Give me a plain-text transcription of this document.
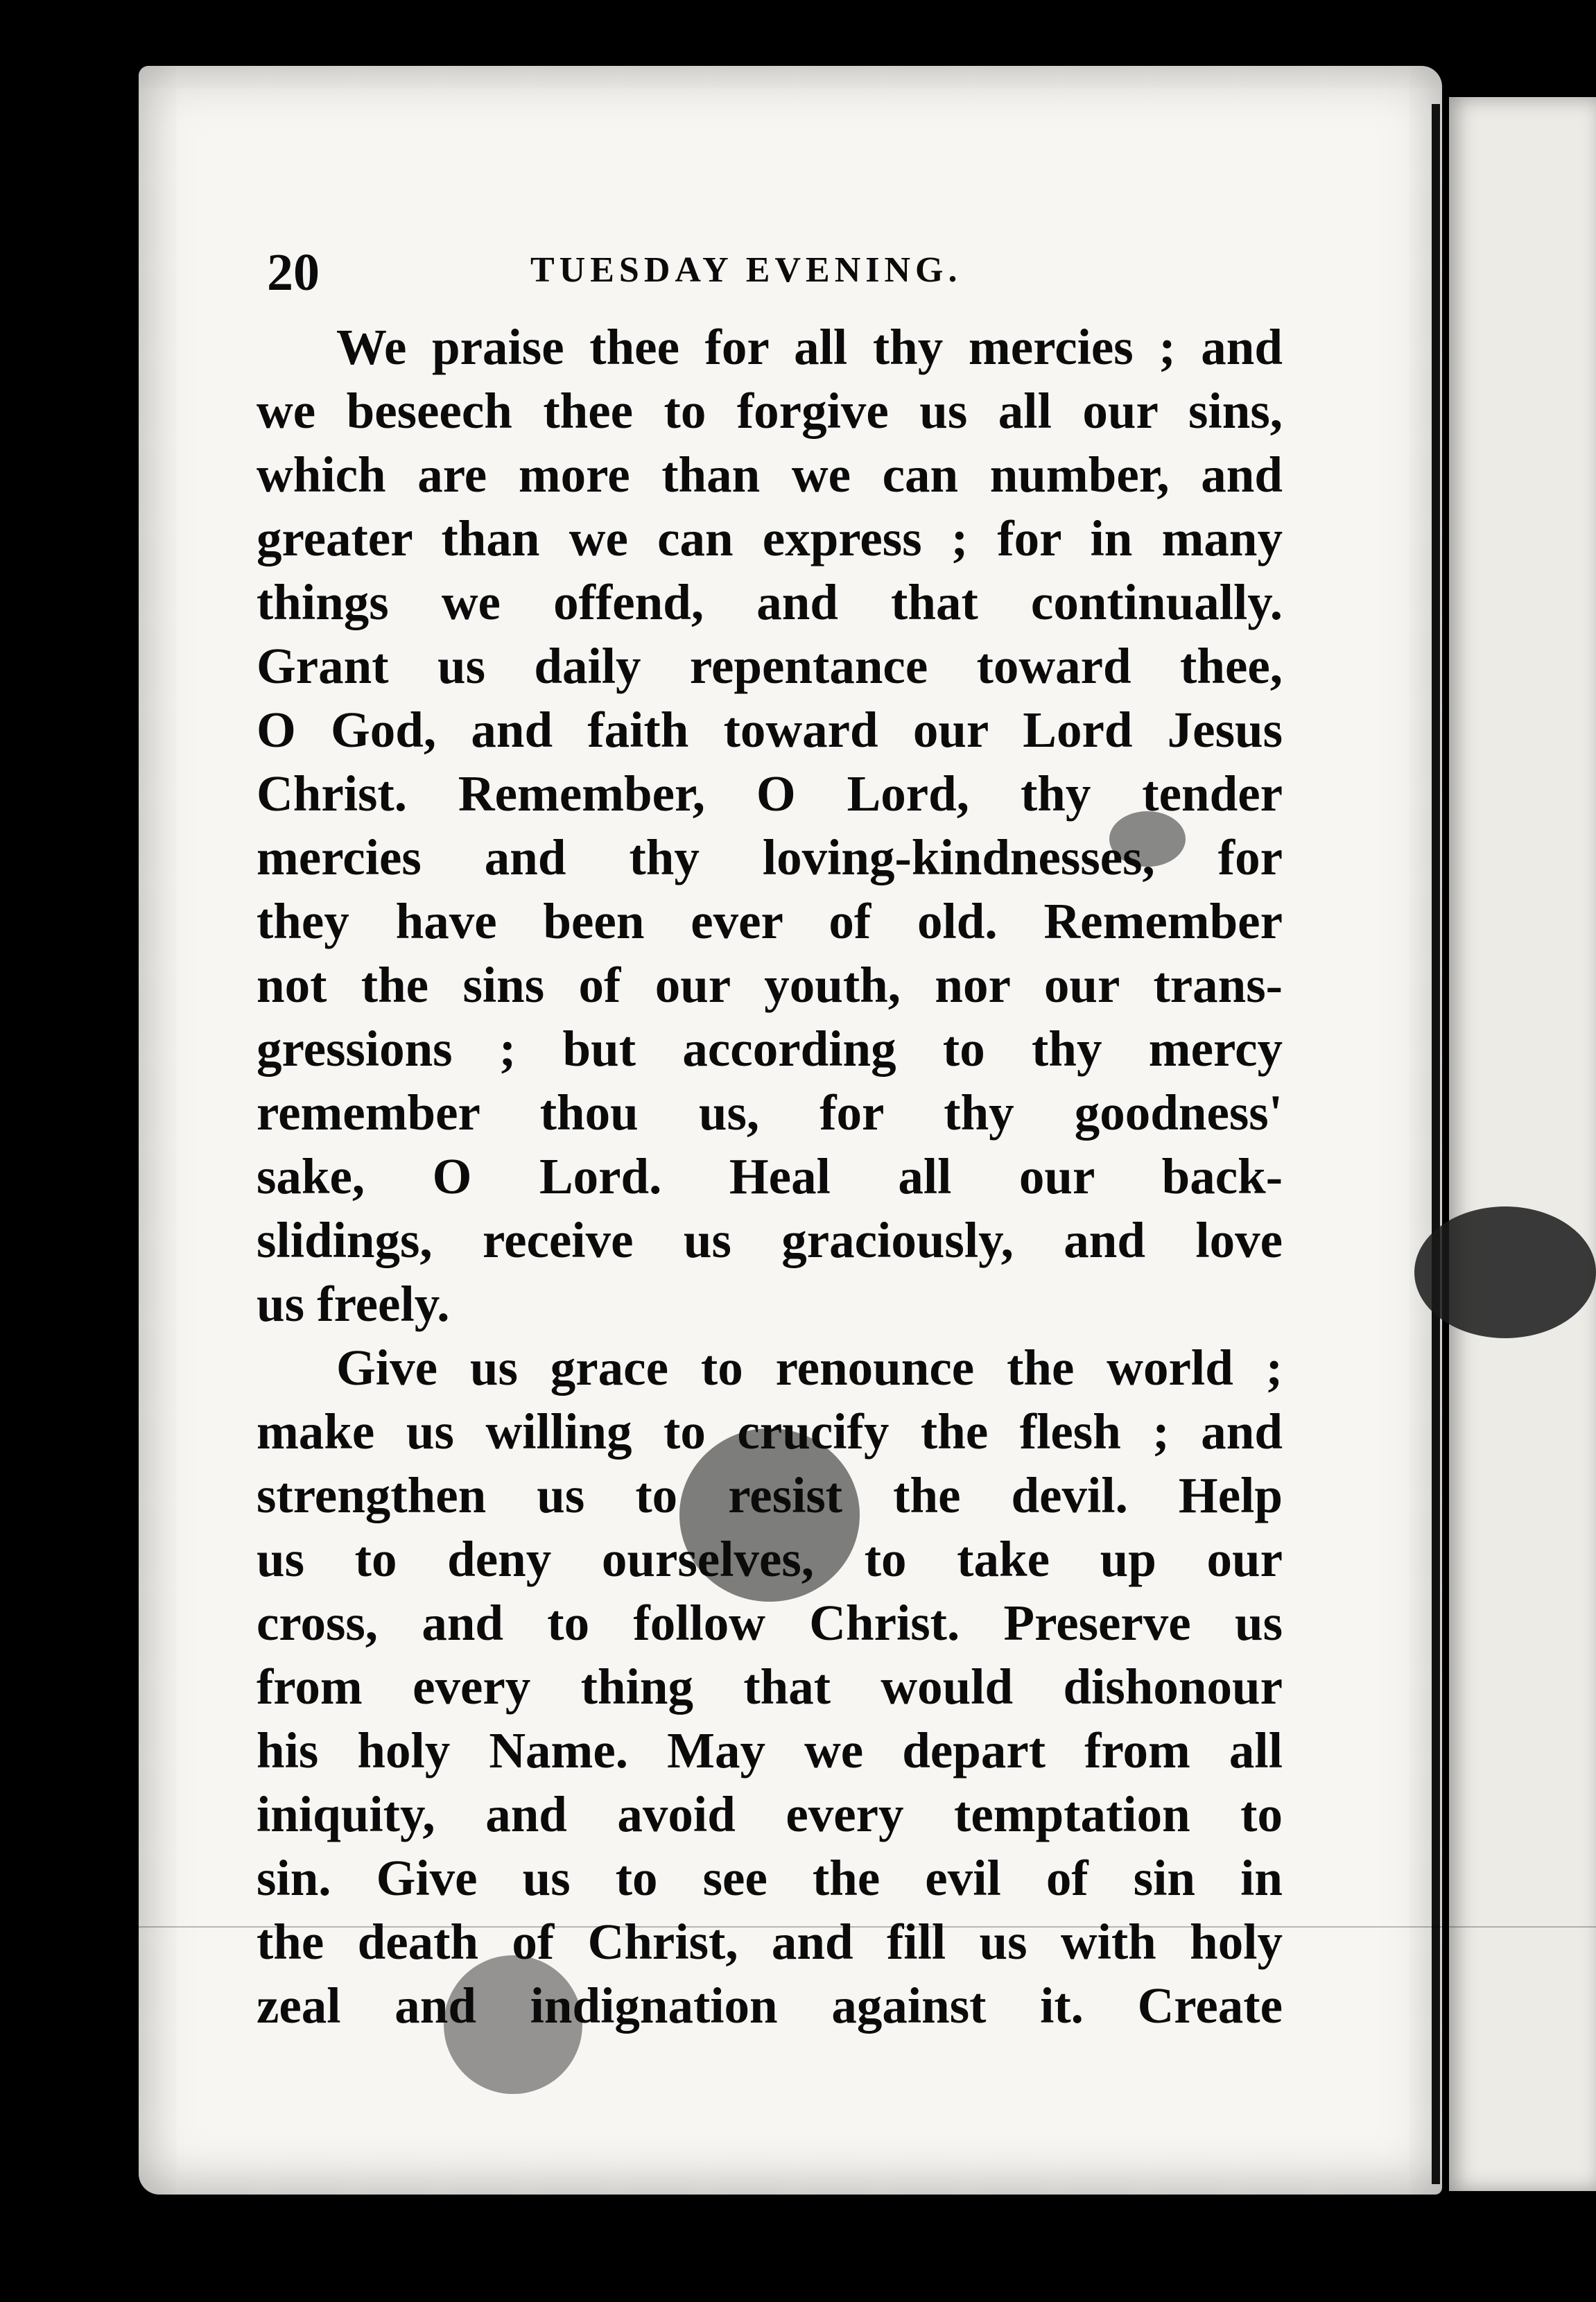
20	TUESDAY EVENING.
We praise thee for all thy mercies ; and
we beseech thee to forgive us all our sins,
which are more than we can number, and
greater than we can express ; for in many
things we offend, and that continually.
Grant us daily repentance toward thee,
O God, and faith toward our Lord Jesus
Christ. Remember, O Lord, thy tender
mercies and thy loving-kindnesses, for
they have been ever of old. Remember
not the sins of our youth, nor our trans-
gressions ; but according to thy mercy
remember thou us, for thy goodness'
sake, O Lord. Heal all our back-
slidings, receive us graciously, and love
us freely.
Give us grace to renounce the world ;
make us willing to crucify the flesh ; and
strengthen us to resist the devil. Help
us to deny ourselves, to take up our
cross, and to follow Christ. Preserve us
from every thing that would dishonour
his holy Name. May we depart from all
iniquity, and avoid every temptation to
sin. Give us to see the evil of sin in
the death of Christ, and fill us with holy
zeal and indignation against it. Create
